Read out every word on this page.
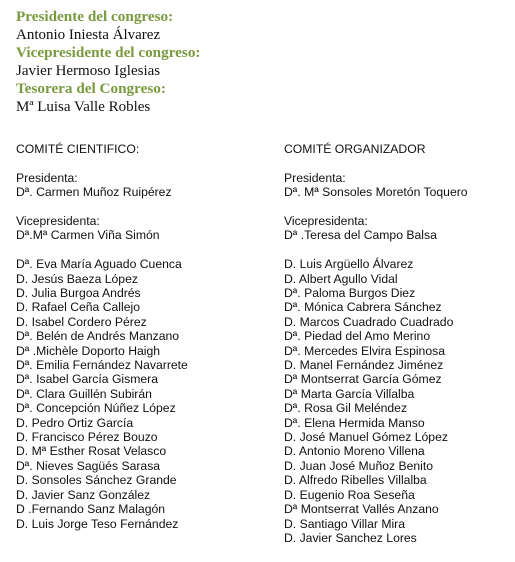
Presidente del congreso:
Antonio Iniesta Álvarez
Vicepresidente del congreso:
Javier Hermoso Iglesias
Tesorera del Congreso:
Mª Luisa Valle Robles
COMITÉ CIENTIFICO:
Presidenta:
Dª. Carmen Muñoz Ruipérez
Vicepresidenta:
Dª.Mª Carmen Viña Simón
Dª. Eva María Aguado Cuenca
D. Jesús Baeza López
D. Julia Burgoa Andrés
D. Rafael Ceña Callejo
D. Isabel Cordero Pérez
Dª. Belén de Andrés Manzano
Dª .Michèle Doporto Haigh
Dª. Emilia Fernández Navarrete
Dª. Isabel García Gismera
Dª. Clara Guillén Subirán
Dª. Concepción Núñez López
D. Pedro Ortiz García
D. Francisco Pérez Bouzo
D. Mª Esther Rosat Velasco
Dª. Nieves Sagüés Sarasa
D. Sonsoles Sánchez Grande
D. Javier Sanz González
D .Fernando Sanz Malagón
D. Luis Jorge Teso Fernández
COMITÉ ORGANIZADOR
Presidenta:
Dª. Mª Sonsoles Moretón Toquero
Vicepresidenta:
Dª .Teresa del Campo Balsa
D. Luis Argüello Álvarez
D. Albert Agullo Vidal
Dª. Paloma Burgos Diez
Dª. Mónica Cabrera Sánchez
D. Marcos Cuadrado Cuadrado
Dª. Piedad del Amo Merino
Dª. Mercedes Elvira Espinosa
D. Manel Fernández Jiménez
Dª Montserrat García Gómez
Dª Marta García Villalba
Dª. Rosa Gil Meléndez
Dª. Elena Hermida Manso
D. José Manuel Gómez López
D. Antonio Moreno Villena
D. Juan José Muñoz Benito
D. Alfredo Ribelles Villalba
D. Eugenio Roa Seseña
Dª Montserrat Vallés Anzano
D. Santiago Villar Mira
D. Javier Sanchez Lores
